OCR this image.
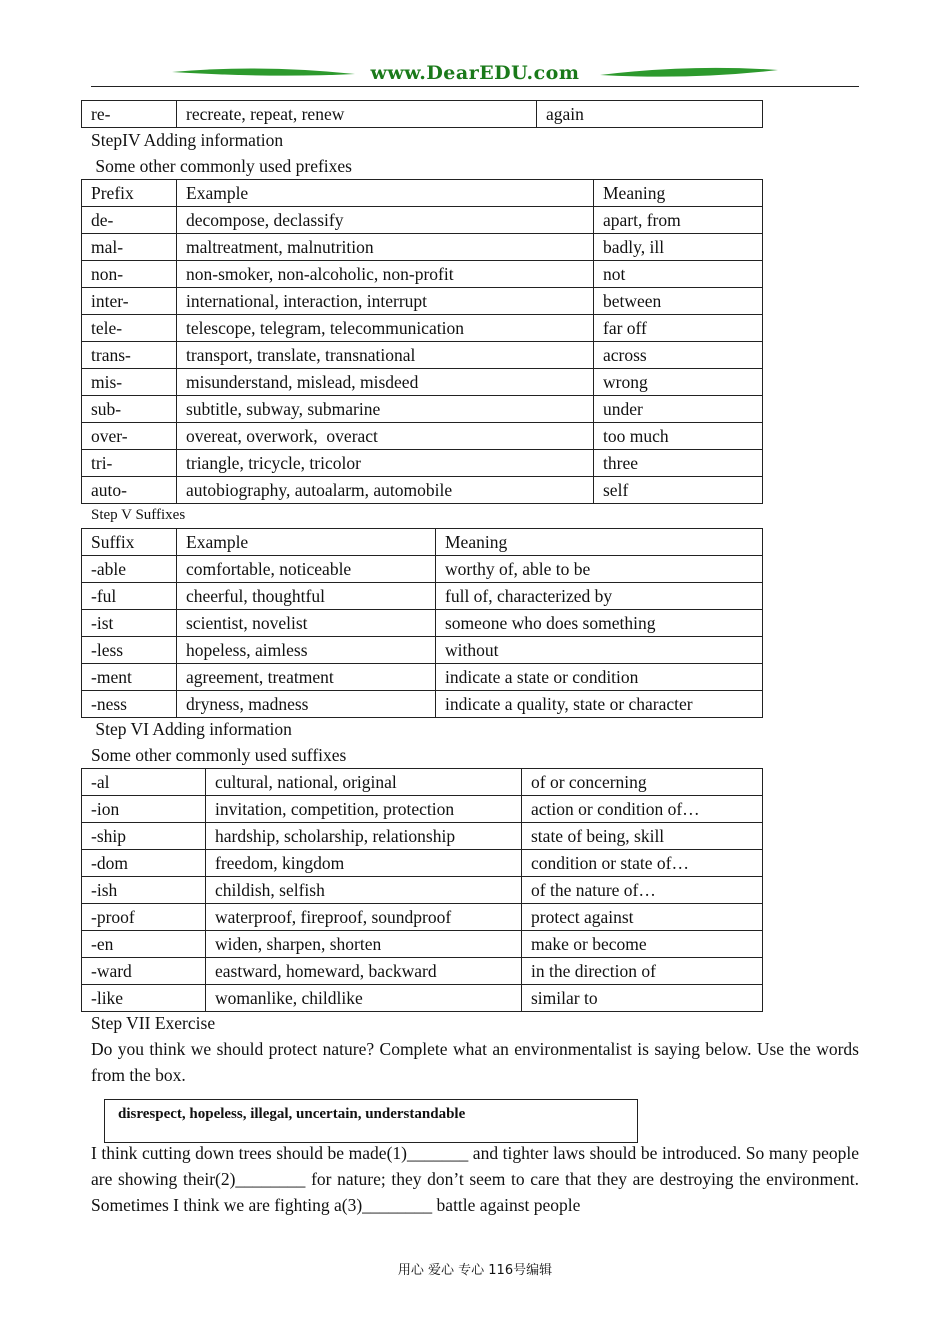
www.DearEDU.com
re-	recreate, repeat, renew	again
StepIV Adding information
Some other commonly used prefixes
Prefix	Example	Meaning
de-	decompose, declassify	apart, from
mal-	maltreatment, malnutrition	badly, ill
non-	non-smoker, non-alcoholic, non-profit	not
inter-	international, interaction, interrupt	between
tele-	telescope, telegram, telecommunication	far off
trans-	transport, translate, transnational	across
mis-	misunderstand, mislead, misdeed	wrong
sub-	subtitle, subway, submarine	under
over-	overeat, overwork,  overact	too much
tri-	triangle, tricycle, tricolor	three
auto-	autobiography, autoalarm, automobile	self
Step V Suffixes
Suffix	Example	Meaning
-able	comfortable, noticeable	worthy of, able to be
-ful	cheerful, thoughtful	full of, characterized by
-ist	scientist, novelist	someone who does something
-less	hopeless, aimless	without
-ment	agreement, treatment	indicate a state or condition
-ness	dryness, madness	indicate a quality, state or character
Step VI Adding information
Some other commonly used suffixes
-al	cultural, national, original	of or concerning
-ion	invitation, competition, protection	action or condition of…
-ship	hardship, scholarship, relationship	state of being, skill
-dom	freedom, kingdom	condition or state of…
-ish	childish, selfish	of the nature of…
-proof	waterproof, fireproof, soundproof	protect against
-en	widen, sharpen, shorten	make or become
-ward	eastward, homeward, backward	in the direction of
-like	womanlike, childlike	similar to
Step VII Exercise
Do you think we should protect nature? Complete what an environmentalist is saying below. Use the words from the box.
disrespect, hopeless, illegal, uncertain, understandable
I think cutting down trees should be made(1)_______ and tighter laws should be introduced. So many people are showing their(2)________ for nature; they don’t seem to care that they are destroying the environment. Sometimes I think we are fighting a(3)________ battle against people
用心 爱心 专心 116号编辑
